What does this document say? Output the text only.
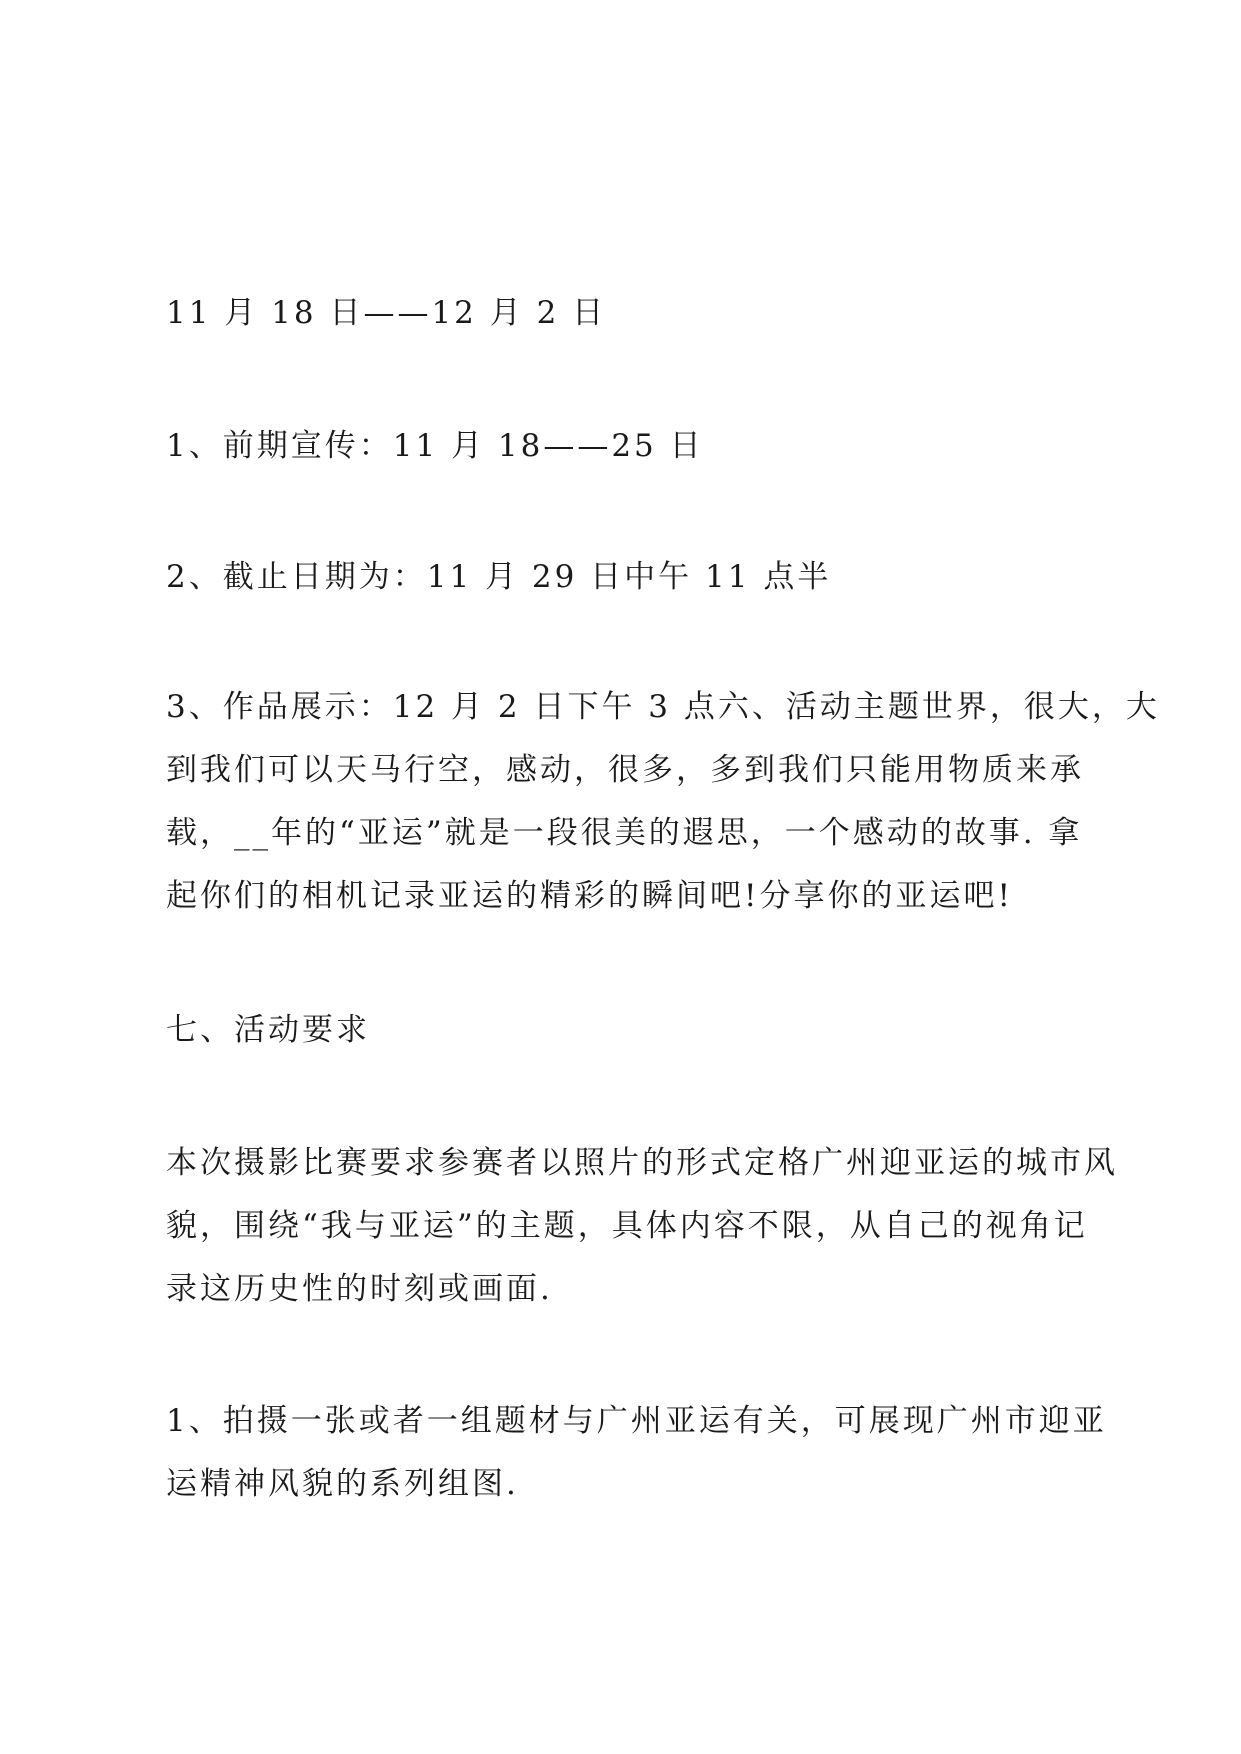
11 月 18 日——12 月 2 日

1、前期宣传：11 月 18——25 日

2、截止日期为：11 月 29 日中午 11 点半

3、作品展示：12 月 2 日下午 3 点六、活动主题世界，很大，大
到我们可以天马行空，感动，很多，多到我们只能用物质来承
载，__年的“亚运”就是一段很美的遐思，一个感动的故事. 拿
起你们的相机记录亚运的精彩的瞬间吧!分享你的亚运吧!

七、活动要求

本次摄影比赛要求参赛者以照片的形式定格广州迎亚运的城市风
貌，围绕“我与亚运”的主题，具体内容不限，从自己的视角记
录这历史性的时刻或画面.

1、拍摄一张或者一组题材与广州亚运有关，可展现广州市迎亚
运精神风貌的系列组图.
